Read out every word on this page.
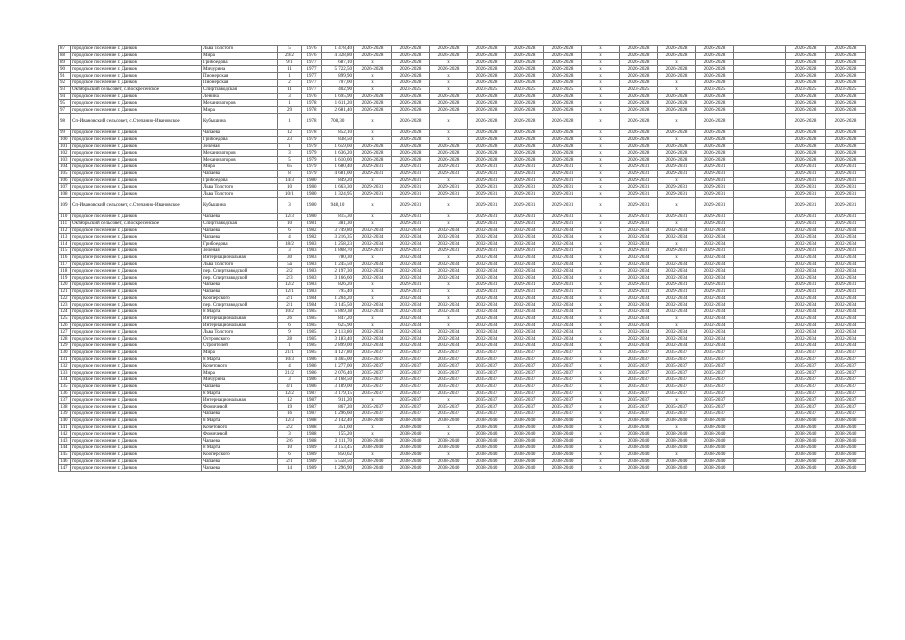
87	городское поселение г. Данков	Льва Толстого	5	1976	1 478,40	2026-2028	2026-2028	2026-2028	2026-2028	2026-2028	2026-2028	х	2026-2028	2026-2028	2026-2028		2026-2028	2026-2028
88	городское поселение г. Данков	Мира	29/2	1976	4 328,80	2026-2028	2026-2028	2026-2028	2026-2028	2026-2028	2026-2028	х	2026-2028	2026-2028	2026-2028		2026-2028	2026-2028
89	городское поселение г. Данков	Грибоедова	9/1	1977	687,10	х	2026-2028	х	2026-2028	2026-2028	2026-2028	х	2026-2028	х	2026-2028		2026-2028	2026-2028
90	городское поселение г. Данков	Мичурина	11	1977	5 722,50	2026-2028	2026-2028	2026-2028	2026-2028	2026-2028	2026-2028	х	2026-2028	2026-2028	2026-2028		2026-2028	2026-2028
91	городское поселение г. Данков	Пионерская	1	1977	899,90	х	2026-2028	х	2026-2028	2026-2028	2026-2028	х	2026-2028	2026-2028	2026-2028		2026-2028	2026-2028
92	городское поселение г. Данков	Пионерская	2	1977	707,00	х	2026-2028	х	2026-2028	2026-2028	2026-2028	х	2026-2028	х	2026-2028		2026-2028	2026-2028
93	Октябрьский сельсовет, с.Воскресенское	Спиртзаводская	11	1977	402,90	х	2023-2025	х	2023-2025	2023-2025	2023-2025	х	2023-2025	х	2023-2025		2023-2025	2023-2025
94	городское поселение г. Данков	Ленина	3	1976	1 695,90	2026-2028	2026-2028	2026-2028	2026-2028	2026-2028	2026-2028	х	2026-2028	2026-2028	2026-2028		2026-2028	2026-2028
95	городское поселение г. Данков	Механизаторов	1	1978	1 611,20	2026-2028	2026-2028	2026-2028	2026-2028	2026-2028	2026-2028	х	2026-2028	2026-2028	2026-2028		2026-2028	2026-2028
97	городское поселение г. Данков	Мира	29	1978	2 681,40	2026-2028	2026-2028	2026-2028	2026-2028	2026-2028	2026-2028	х	2026-2028	2026-2028	2026-2028		2026-2028	2026-2028
98	Сп-Ивановский сельсовет, с.Степанио-Ивановское	Кубышина	1	1978	708,30	х	2026-2028	х	2026-2028	2026-2028	2026-2028	х	2026-2028	х	2026-2028		2026-2028	2026-2028
99	городское поселение г. Данков	Чапаева	12	1978	852,10	х	2026-2028	х	2026-2028	2026-2028	2026-2028	х	2026-2028	2026-2028	2026-2028		2026-2028	2026-2028
100	городское поселение г. Данков	Грибоедова	23	1979	838,50	х	2026-2028	х	2026-2028	2026-2028	2026-2028	х	2026-2028	х	2026-2028		2026-2028	2026-2028
101	городское поселение г. Данков	Зеленая	1	1979	1 659,60	2026-2028	2026-2028	2026-2028	2026-2028	2026-2028	2026-2028	х	2026-2028	2026-2028	2026-2028		2026-2028	2026-2028
102	городское поселение г. Данков	Механизаторов	3	1979	1 636,20	2026-2028	2026-2028	2026-2028	2026-2028	2026-2028	2026-2028	х	2026-2028	2026-2028	2026-2028		2026-2028	2026-2028
103	городское поселение г. Данков	Механизаторов	5	1979	1 610,00	2026-2028	2026-2028	2026-2028	2026-2028	2026-2028	2026-2028	х	2026-2028	2026-2028	2026-2028		2026-2028	2026-2028
104	городское поселение г. Данков	Мира	65	1979	1 680,40	2029-2031	2029-2031	2029-2031	2029-2031	2029-2031	2029-2031	х	2029-2031	2029-2031	2029-2031		2029-2031	2029-2031
105	городское поселение г. Данков	Чапаева	8	1979	4 681,00	2029-2031	2029-2031	2029-2031	2029-2031	2029-2031	2029-2031	х	2029-2031	2029-2031	2029-2031		2029-2031	2029-2031
106	городское поселение г. Данков	Грибоедова	14/3	1980	849,20	х	2029-2031	х	2029-2031	2029-2031	2029-2031	х	2029-2031	х	2029-2031		2029-2031	2029-2031
107	городское поселение г. Данков	Льва Толстого	10	1980	1 663,30	2029-2031	2029-2031	2029-2031	2029-2031	2029-2031	2029-2031	х	2029-2031	2029-2031	2029-2031		2029-2031	2029-2031
108	городское поселение г. Данков	Льва Толстого	10/1	1980	1 324,95	2029-2031	2029-2031	2029-2031	2029-2031	2029-2031	2029-2031	х	2029-2031	2029-2031	2029-2031		2029-2031	2029-2031
109	Сп-Ивановский сельсовет, с.Степанио-Ивановское	Кубышина	3	1980	948,10	х	2029-2031	х	2029-2031	2029-2031	2029-2031	х	2029-2031	х	2029-2031		2029-2031	2029-2031
110	городское поселение г. Данков	Чапаева	12/3	1980	815,30	х	2029-2031	х	2029-2031	2029-2031	2029-2031	х	2029-2031	2029-2031	2029-2031		2029-2031	2029-2031
111	Октябрьский сельсовет, с.Воскресенское	Спиртзаводская	10	1981	381,30	х	2029-2031	х	2029-2031	2029-2031	2029-2031	х	2029-2031	х	2029-2031		2029-2031	2029-2031
112	городское поселение г. Данков	Чапаева	6	1982	3 749,80	2032-2034	2032-2034	2032-2034	2032-2034	2032-2034	2032-2034	х	2032-2034	2032-2034	2032-2034		2032-2034	2032-2034
113	городское поселение г. Данков	Чапаева	4	1982	3 216,35	2032-2034	2032-2034	2032-2034	2032-2034	2032-2034	2032-2034	х	2032-2034	2032-2034	2032-2034		2032-2034	2032-2034
114	городское поселение г. Данков	Грибоедова	18/2	1983	1 258,23	2032-2034	2032-2034	2032-2034	2032-2034	2032-2034	2032-2034	х	2032-2034	х	2032-2034		2032-2034	2032-2034
115	городское поселение г. Данков	Зеленая	3	1983	1 868,70	2029-2031	2029-2031	2029-2031	2029-2031	2029-2031	2029-2031	х	2029-2031	2029-2031	2029-2031		2029-2031	2029-2031
116	городское поселение г. Данков	Интернациональная	30	1983	780,30	х	2032-2034	х	2032-2034	2032-2034	2032-2034	х	2032-2034	х	2032-2034		2032-2034	2032-2034
117	городское поселение г. Данков	Льва Толстого	5a	1983	1 245,50	2032-2034	2032-2034	2032-2034	2032-2034	2032-2034	2032-2034	х	2032-2034	2032-2034	2032-2034		2032-2034	2032-2034
118	городское поселение г. Данков	пер. Спиртзаводской	2/2	1983	2 197,30	2032-2034	2032-2034	2032-2034	2032-2034	2032-2034	2032-2034	х	2032-2034	2032-2034	2032-2034		2032-2034	2032-2034
119	городское поселение г. Данков	пер. Спиртзаводской	2/3	1983	3 166,60	2032-2034	2032-2034	2032-2034	2032-2034	2032-2034	2032-2034	х	2032-2034	2032-2034	2032-2034		2032-2034	2032-2034
120	городское поселение г. Данков	Чапаева	12/2	1983	826,20	х	2029-2031	х	2029-2031	2029-2031	2029-2031	х	2029-2031	2029-2031	2029-2031		2029-2031	2029-2031
121	городское поселение г. Данков	Чапаева	12/1	1983	795,40	х	2029-2031	х	2029-2031	2029-2031	2029-2031	х	2029-2031	2029-2031	2029-2031		2029-2031	2029-2031
122	городское поселение г. Данков	Кооперского	2/1	1984	1 204,20	х	2032-2034	х	2032-2034	2032-2034	2032-2034	х	2032-2034	2032-2034	2032-2034		2032-2034	2032-2034
123	городское поселение г. Данков	пер. Спиртзаводской	2/1	1984	3 145,50	2032-2034	2032-2034	2032-2034	2032-2034	2032-2034	2032-2034	х	2032-2034	2032-2034	2032-2034		2032-2034	2032-2034
124	городское поселение г. Данков	8 Марта	10/2	1985	5 869,38	2032-2034	2032-2034	2032-2034	2032-2034	2032-2034	2032-2034	х	2032-2034	2032-2034	2032-2034		2032-2034	2032-2034
125	городское поселение г. Данков	Интернациональная	26	1985	847,20	х	2032-2034	х	2032-2034	2032-2034	2032-2034	х	2032-2034	х	2032-2034		2032-2034	2032-2034
126	городское поселение г. Данков	Интернациональная	6	1985	625,90	х	2032-2034	х	2032-2034	2032-2034	2032-2034	х	2032-2034	х	2032-2034		2032-2034	2032-2034
127	городское поселение г. Данков	Льва Толстого	9	1985	2 113,80	2032-2034	2032-2034	2032-2034	2032-2034	2032-2034	2032-2034	х	2032-2034	2032-2034	2032-2034		2032-2034	2032-2034
128	городское поселение г. Данков	Островского	28	1985	3 183,40	2032-2034	2032-2034	2032-2034	2032-2034	2032-2034	2032-2034	х	2032-2034	2032-2034	2032-2034		2032-2034	2032-2034
129	городское поселение г. Данков	Строителей	1	1985	2 899,00	2032-2034	2032-2034	2032-2034	2032-2034	2032-2034	2032-2034	х	2032-2034	2032-2034	2032-2034		2032-2034	2032-2034
130	городское поселение г. Данков	Мира	21/1	1985	4 127,80	2035-2037	2035-2037	2035-2037	2035-2037	2035-2037	2035-2037	х	2035-2037	2035-2037	2035-2037		2035-2037	2035-2037
131	городское поселение г. Данков	8 Марта	10/3	1986	4 465,00	2035-2037	2035-2037	2035-2037	2035-2037	2035-2037	2035-2037	х	2035-2037	2035-2037	2035-2037		2035-2037	2035-2037
132	городское поселение г. Данков	Кочетового	4	1986	1 277,00	2035-2037	2035-2037	2035-2037	2035-2037	2035-2037	2035-2037	х	2035-2037	2035-2037	2035-2037		2035-2037	2035-2037
133	городское поселение г. Данков	Мира	21/2	1986	2 076,40	2035-2037	2035-2037	2035-2037	2035-2037	2035-2037	2035-2037	х	2035-2037	2035-2037	2035-2037		2035-2037	2035-2037
134	городское поселение г. Данков	Мичурина	3	1986	3 168,50	2035-2037	2035-2037	2035-2037	2035-2037	2035-2037	2035-2037	х	2035-2037	2035-2037	2035-2037		2035-2037	2035-2037
135	городское поселение г. Данков	Чапаева	4/1	1986	3 189,00	2035-2037	2035-2037	2035-2037	2035-2037	2035-2037	2035-2037	х	2035-2037	2035-2037	2035-2037		2035-2037	2035-2037
136	городское поселение г. Данков	8 Марта	12/2	1987	3 179,15	2035-2037	2035-2037	2035-2037	2035-2037	2035-2037	2035-2037	х	2035-2037	2035-2037	2035-2037		2035-2037	2035-2037
137	городское поселение г. Данков	Интернациональная	12	1987	911,20	х	2035-2037	х	2035-2037	2035-2037	2035-2037	х	2035-2037	х	2035-2037		2035-2037	2035-2037
138	городское поселение г. Данков	Фомичевой	19	1987	867,20	2035-2037	2035-2037	2035-2037	2035-2037	2035-2037	2035-2037	х	2035-2037	2035-2037	2035-2037		2035-2037	2035-2037
139	городское поселение г. Данков	Чапаева	16	1987	1 296,60	2035-2037	2035-2037	2035-2037	2035-2037	2035-2037	2035-2037	х	2035-2037	2035-2037	2035-2037		2035-2037	2035-2037
140	городское поселение г. Данков	8 Марта	12/3	1988	2 142,40	2038-2040	2038-2040	2038-2040	2038-2040	2038-2040	2038-2040	х	2038-2040	2038-2040	2038-2040		2038-2040	2038-2040
141	городское поселение г. Данков	Кочетового	2/2	1988	351,60	х	2038-2040	х	2038-2040	2038-2040	2038-2040	х	2038-2040	х	2038-2040		2038-2040	2038-2040
142	городское поселение г. Данков	Фомичевой	3	1988	155,20	х	2038-2040	х	2038-2040	2038-2040	2038-2040	х	2038-2040	2038-2040	2038-2040		2038-2040	2038-2040
143	городское поселение г. Данков	Чапаева	2/6	1988	2 111,70	2038-2040	2038-2040	2038-2040	2038-2040	2038-2040	2038-2040	х	2038-2040	2038-2040	2038-2040		2038-2040	2038-2040
144	городское поселение г. Данков	8 Марта	10	1989	3 153,45	2038-2040	2038-2040	2038-2040	2038-2040	2038-2040	2038-2040	х	2038-2040	2038-2040	2038-2040		2038-2040	2038-2040
145	городское поселение г. Данков	Кооперского	6	1989	850,62	х	2038-2040	х	2038-2040	2038-2040	2038-2040	х	2038-2040	х	2038-2040		2038-2040	2038-2040
146	городское поселение г. Данков	Чапаева	2/1	1989	5 558,50	2038-2040	2038-2040	2038-2040	2038-2040	2038-2040	2038-2040	х	2038-2040	2038-2040	2038-2040		2038-2040	2038-2040
147	городское поселение г. Данков	Чапаева	14	1989	1 296,90	2038-2040	2038-2040	2038-2040	2038-2040	2038-2040	2038-2040	х	2038-2040	2038-2040	2038-2040		2038-2040	2038-2040
